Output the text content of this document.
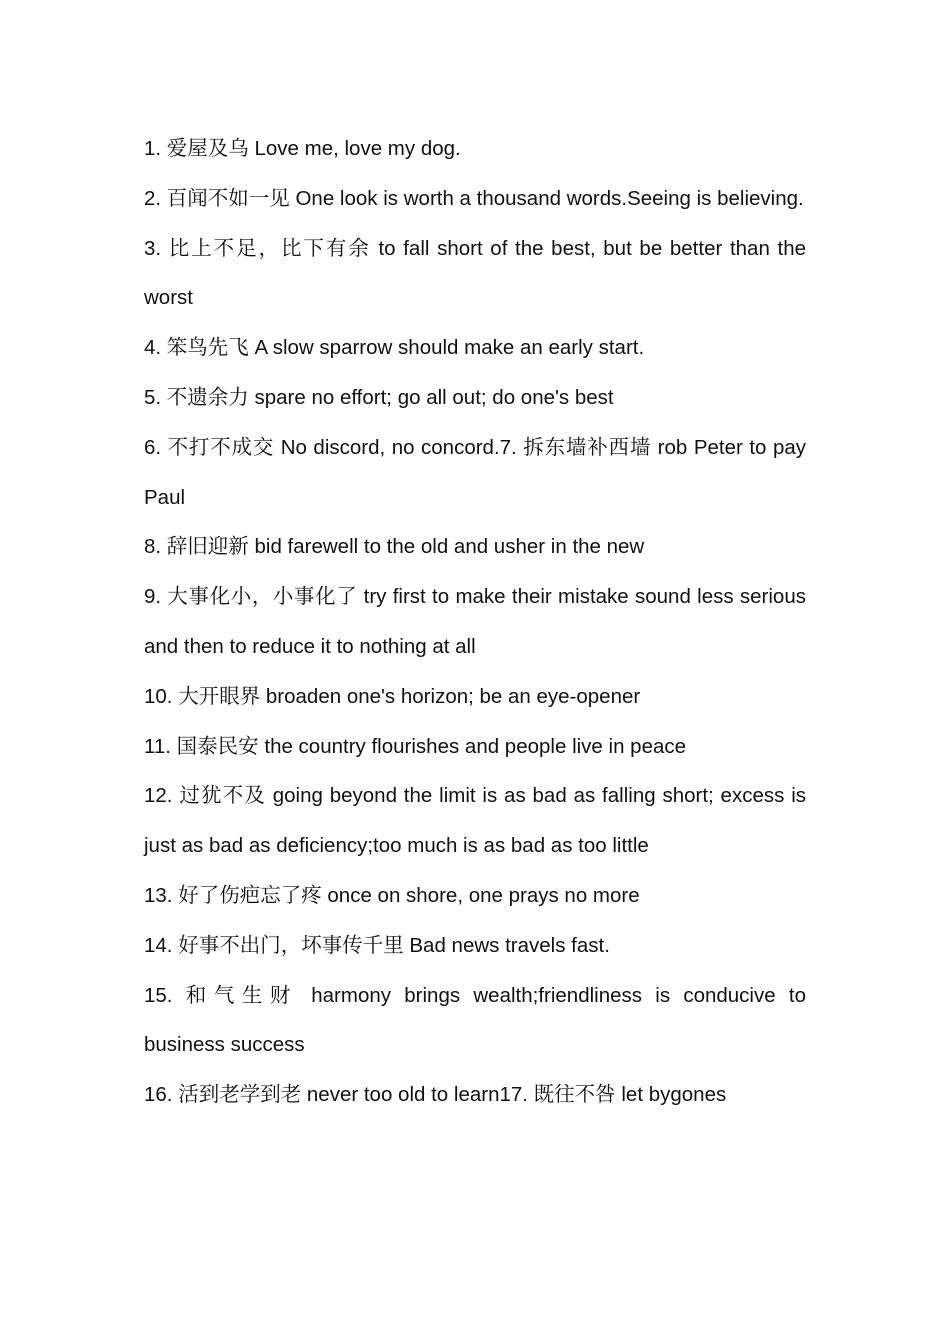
1. 爱屋及乌 Love me, love my dog.

2. 百闻不如一见 One look is worth a thousand words.Seeing is believing.

3. 比上不足，比下有余 to fall short of the best, but be better than the worst

4. 笨鸟先飞 A slow sparrow should make an early start.

5. 不遗余力 spare no effort; go all out; do one's best

6. 不打不成交 No discord, no concord.7. 拆东墙补西墙 rob Peter to pay Paul

8. 辞旧迎新 bid farewell to the old and usher in the new

9. 大事化小，小事化了 try first to make their mistake sound less serious and then to reduce it to nothing at all

10. 大开眼界 broaden one's horizon; be an eye-opener

11. 国泰民安 the country flourishes and people live in peace

12. 过犹不及 going beyond the limit is as bad as falling short; excess is just as bad as deficiency;too much is as bad as too little

13. 好了伤疤忘了疼 once on shore, one prays no more

14. 好事不出门，坏事传千里 Bad news travels fast.

15. 和气生财 harmony brings wealth;friendliness is conducive to business success

16. 活到老学到老 never too old to learn17. 既往不咎 let bygones
